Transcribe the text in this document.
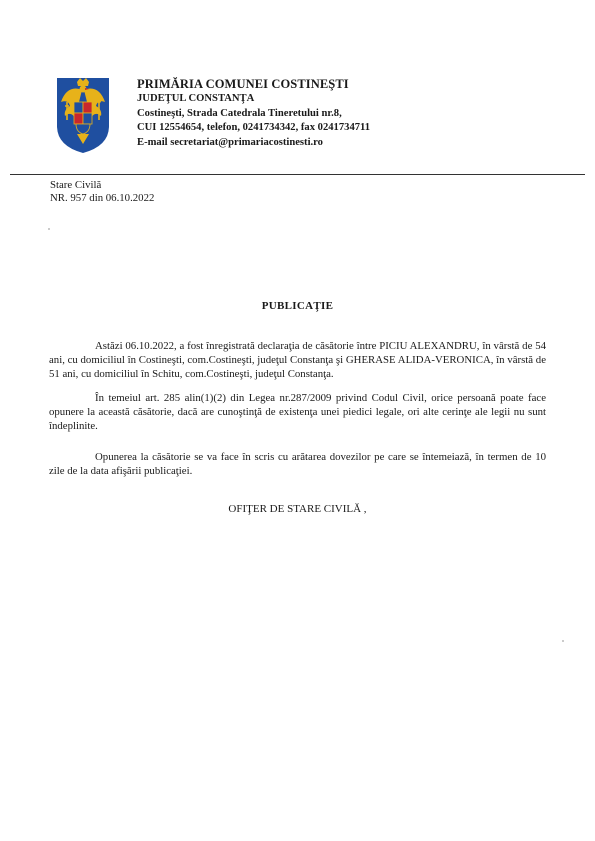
PRIMĂRIA COMUNEI COSTINEŞTI
JUDEŢUL CONSTANŢA
Costineşti, Strada Catedrala Tineretului nr.8,
CUI 12554654, telefon, 0241734342, fax 0241734711
E-mail secretariat@primariacostinesti.ro
Stare Civilă
NR. 957 din 06.10.2022
PUBLICAŢIE
Astăzi 06.10.2022, a fost înregistrată declaraţia de căsătorie între PICIU ALEXANDRU, în vârstă de 54 ani, cu domiciliul în Costineşti, com.Costineşti, judeţul Constanţa şi GHERASE ALIDA-VERONICA, în vârstă de 51 ani, cu domiciliul în Schitu, com.Costineşti, judeţul Constanţa.
În temeiul art. 285 alin(1)(2) din Legea nr.287/2009 privind Codul Civil, orice persoană poate face opunere la această căsătorie, dacă are cunoştinţă de existenţa unei piedici legale, ori alte cerinţe ale legii nu sunt îndeplinite.
Opunerea la căsătorie se va face în scris cu arătarea dovezilor pe care se întemeiază, în termen de 10 zile de la data afişării publicaţiei.
OFIŢER DE STARE CIVILĂ ,
